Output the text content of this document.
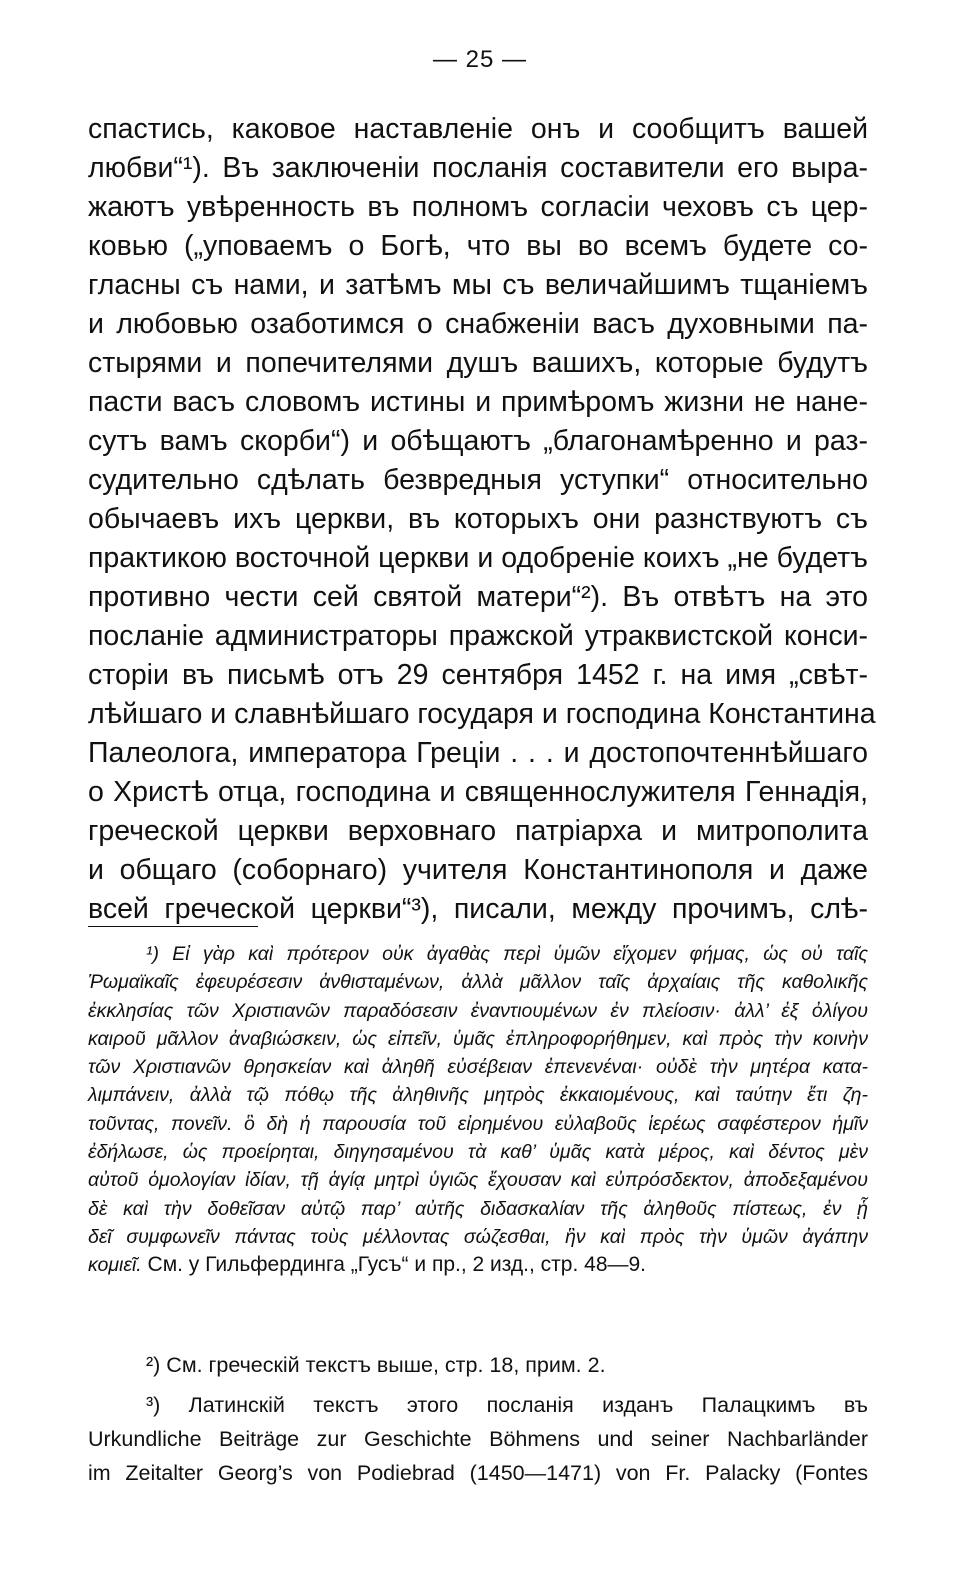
— 25 —
спастись, каковое наставленіе онъ и сообщитъ вашей
любви“¹). Въ заключеніи посланія составители его выра-
жаютъ увѣренность въ полномъ согласіи чеховъ съ цер-
ковью („уповаемъ о Богѣ, что вы во всемъ будете со-
гласны съ нами, и затѣмъ мы съ величайшимъ тщаніемъ
и любовью озаботимся о снабженіи васъ духовными па-
стырями и попечителями душъ вашихъ, которые будутъ
пасти васъ словомъ истины и примѣромъ жизни не нане-
сутъ вамъ скорби“) и обѣщаютъ „благонамѣренно и раз-
судительно сдѣлать безвредныя уступки“ относительно
обычаевъ ихъ церкви, въ которыхъ они разнствуютъ съ
практикою восточной церкви и одобреніе коихъ „не будетъ
противно чести сей святой матери“²). Въ отвѣтъ на это
посланіе администраторы пражской утраквистской конси-
сторіи въ письмѣ отъ 29 сентября 1452 г. на имя „свѣт-
лѣйшаго и славнѣйшаго государя и господина Константина
Палеолога, императора Греціи . . . и достопочтеннѣйшаго
о Христѣ отца, господина и священнослужителя Геннадія,
греческой церкви верховнаго патріарха и митрополита
и общаго (соборнаго) учителя Константинополя и даже
всей греческой церкви“³), писали, между прочимъ, слѣ-
¹) Εἰ γὰρ καὶ πρότερον οὐκ ἀγαθὰς περὶ ὑμῶν εἴχομεν φήμας, ὡς οὐ ταῖς
Ῥωμαϊκαῖς ἐφευρέσεσιν ἀνθισταμένων, ἀλλὰ μᾶλλον ταῖς ἀρχαίαις τῆς καθολικῆς
ἐκκλησίας τῶν Χριστιανῶν παραδόσεσιν ἐναντιουμένων ἐν πλείοσιν· ἀλλ’ ἐξ ὀλίγου
καιροῦ μᾶλλον ἀναβιώσκειν, ὡς εἰπεῖν, ὑμᾶς ἐπληροφορήθημεν, καὶ πρὸς τὴν κοινὴν
τῶν Χριστιανῶν θρησκείαν καὶ ἀληθῆ εὐσέβειαν ἐπενενέναι· οὐδὲ τὴν μητέρα κατα-
λιμπάνειν, ἀλλὰ τῷ πόθῳ τῆς ἀληθινῆς μητρὸς ἐκκαιομένους, καὶ ταύτην ἔτι ζη-
τοῦντας, πονεῖν. ὃ δὴ ἡ παρουσία τοῦ εἰρημένου εὐλαβοῦς ἱερέως σαφέστερον ἡμῖν
ἐδήλωσε, ὡς προείρηται, διηγησαμένου τὰ καθ’ ὑμᾶς κατὰ μέρος, καὶ δέντος μὲν
αὐτοῦ ὁμολογίαν ἰδίαν, τῇ ἁγίᾳ μητρὶ ὑγιῶς ἔχουσαν καὶ εὐπρόσδεκτον, ἀποδεξαμένου
δὲ καὶ τὴν δοθεῖσαν αὐτῷ παρ’ αὐτῆς διδασκαλίαν τῆς ἀληθοῦς πίστεως, ἐν ᾗ
δεῖ συμφωνεῖν πάντας τοὺς μέλλοντας σώζεσθαι, ἣν καὶ πρὸς τὴν ὑμῶν ἀγάπην
κομιεῖ. См. у Гильфердинга „Гусъ“ и пр., 2 изд., стр. 48—9.
²) См. греческій текстъ выше, стр. 18, прим. 2.
³) Латинскій текстъ этого посланія изданъ Палацкимъ въ
Urkundliche Beiträge zur Geschichte Böhmens und seiner Nachbarländer
im Zeitalter Georg’s von Podiebrad (1450—1471) von Fr. Palacky (Fontes
